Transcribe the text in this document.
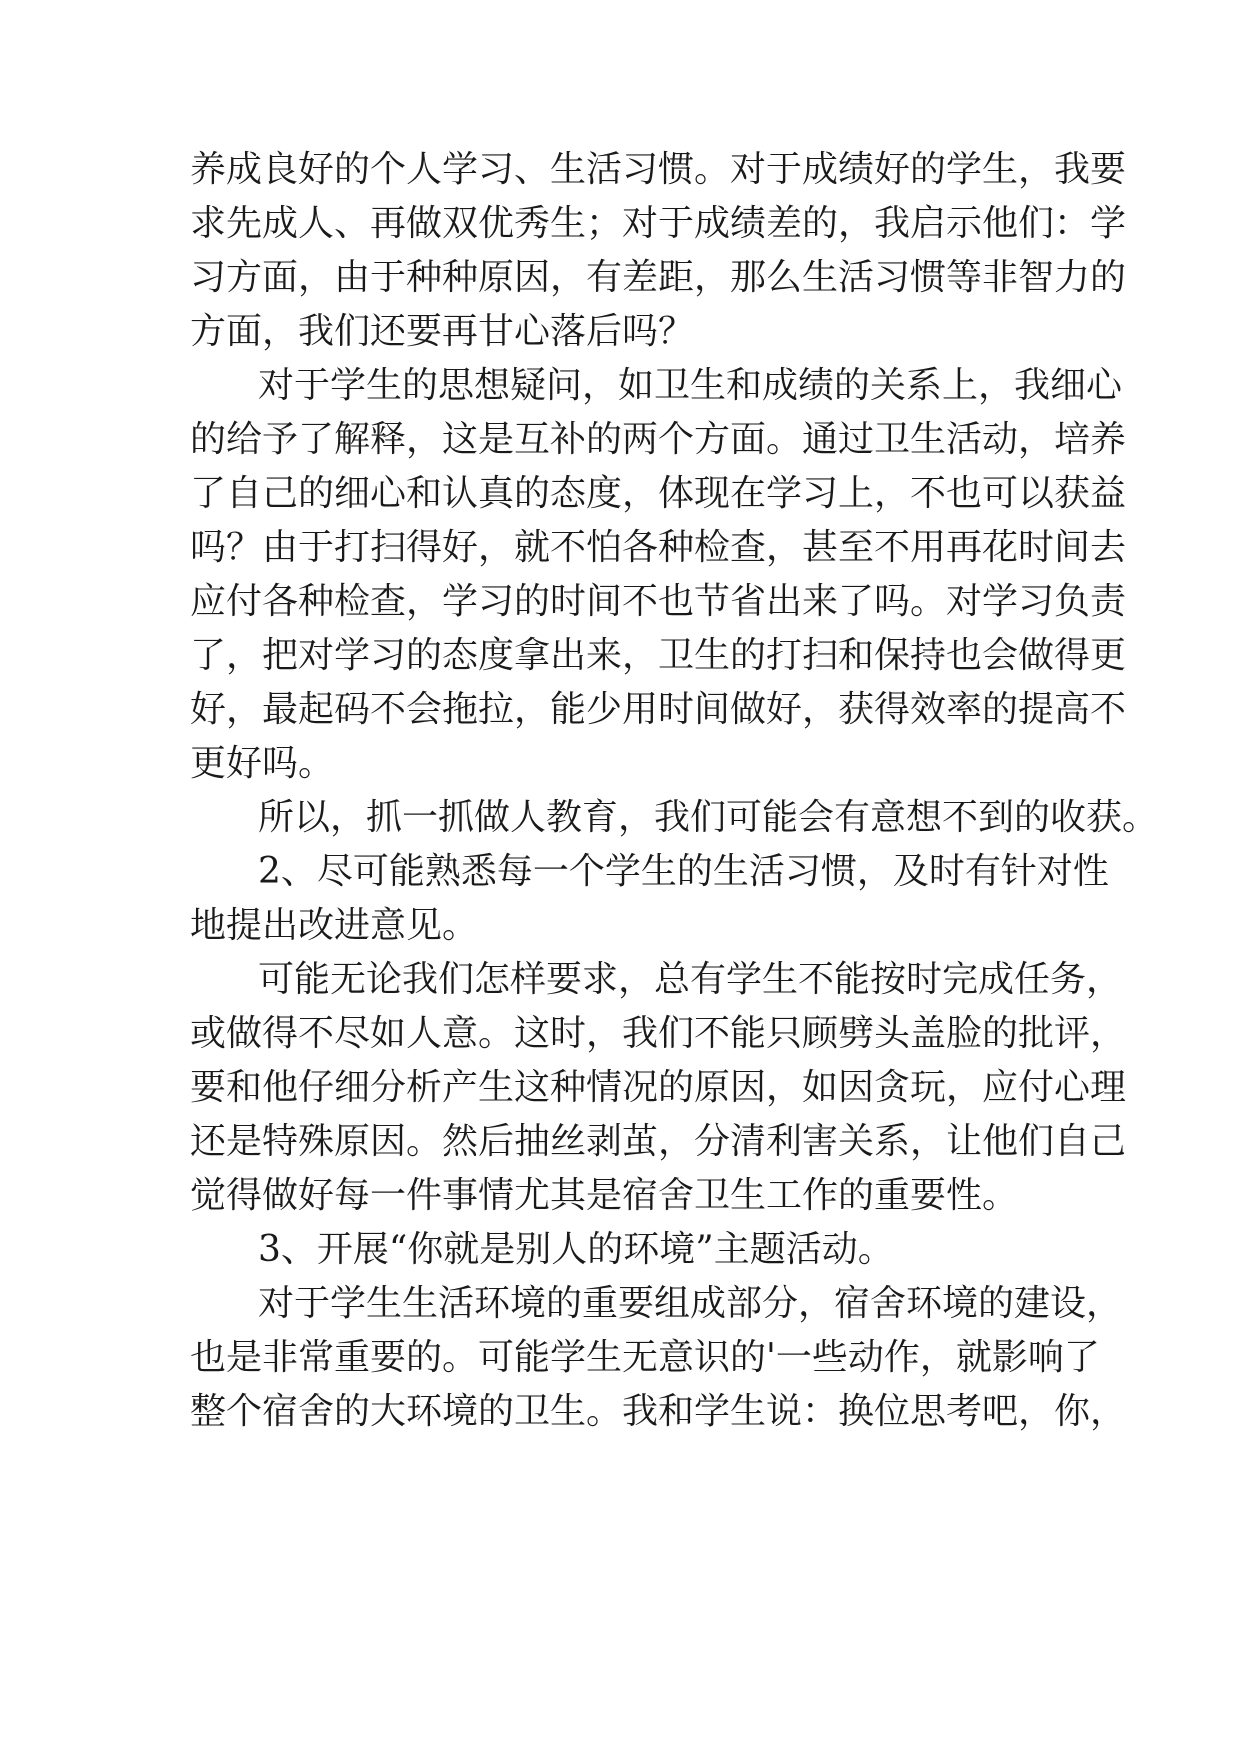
养成良好的个人学习、生活习惯。对于成绩好的学生，我要
求先成人、再做双优秀生；对于成绩差的，我启示他们：学
习方面，由于种种原因，有差距，那么生活习惯等非智力的
方面，我们还要再甘心落后吗？
对于学生的思想疑问，如卫生和成绩的关系上，我细心
的给予了解释，这是互补的两个方面。通过卫生活动，培养
了自己的细心和认真的态度，体现在学习上，不也可以获益
吗？由于打扫得好，就不怕各种检查，甚至不用再花时间去
应付各种检查，学习的时间不也节省出来了吗。对学习负责
了，把对学习的态度拿出来，卫生的打扫和保持也会做得更
好，最起码不会拖拉，能少用时间做好，获得效率的提高不
更好吗。
所以，抓一抓做人教育，我们可能会有意想不到的收获。
2、尽可能熟悉每一个学生的生活习惯，及时有针对性
地提出改进意见。
可能无论我们怎样要求，总有学生不能按时完成任务，
或做得不尽如人意。这时，我们不能只顾劈头盖脸的批评，
要和他仔细分析产生这种情况的原因，如因贪玩，应付心理
还是特殊原因。然后抽丝剥茧，分清利害关系，让他们自己
觉得做好每一件事情尤其是宿舍卫生工作的重要性。
3、开展“你就是别人的环境”主题活动。
对于学生生活环境的重要组成部分，宿舍环境的建设，
也是非常重要的。可能学生无意识的'一些动作，就影响了
整个宿舍的大环境的卫生。我和学生说：换位思考吧，你，
